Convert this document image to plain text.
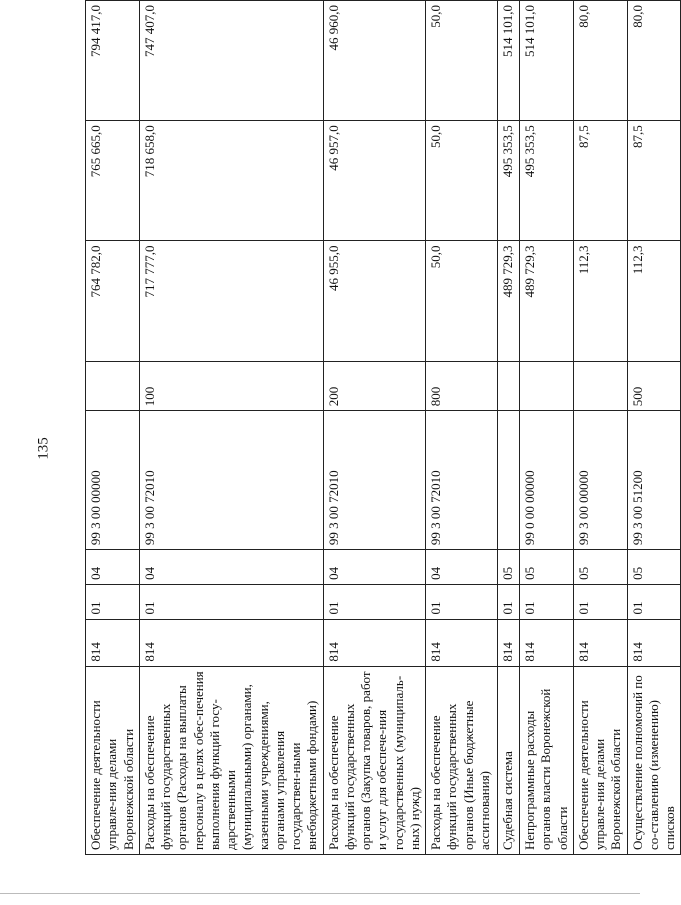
135
Обеспечение деятельности управле-ния делами Воронежской области	814	01	04	99 3 00 00000		764 782,0	765 665,0	794 417,0
Расходы на обеспечение функций государственных органов (Расходы на выплаты персоналу в целях обес-печения выполнения функций госу-дарственными (муниципальными) органами, казенными учреждениями, органами управления государствен-ными внебюджетными фондами)	814	01	04	99 3 00 72010	100	717 777,0	718 658,0	747 407,0
Расходы на обеспечение функций государственных органов (Закупка товаров, работ и услуг для обеспече-ния государственных (муниципаль-ных) нужд)	814	01	04	99 3 00 72010	200	46 955,0	46 957,0	46 960,0
Расходы на обеспечение функций государственных органов (Иные бюджетные ассигнования)	814	01	04	99 3 00 72010	800	50,0	50,0	50,0
Судебная система	814	01	05			489 729,3	495 353,5	514 101,0
Непрограммные расходы органов власти Воронежской области	814	01	05	99 0 00 00000		489 729,3	495 353,5	514 101,0
Обеспечение деятельности управле-ния делами Воронежской области	814	01	05	99 3 00 00000		112,3	87,5	80,0
Осуществление полномочий по со-ставлению (изменению) списков	814	01	05	99 3 00 51200	500	112,3	87,5	80,0
